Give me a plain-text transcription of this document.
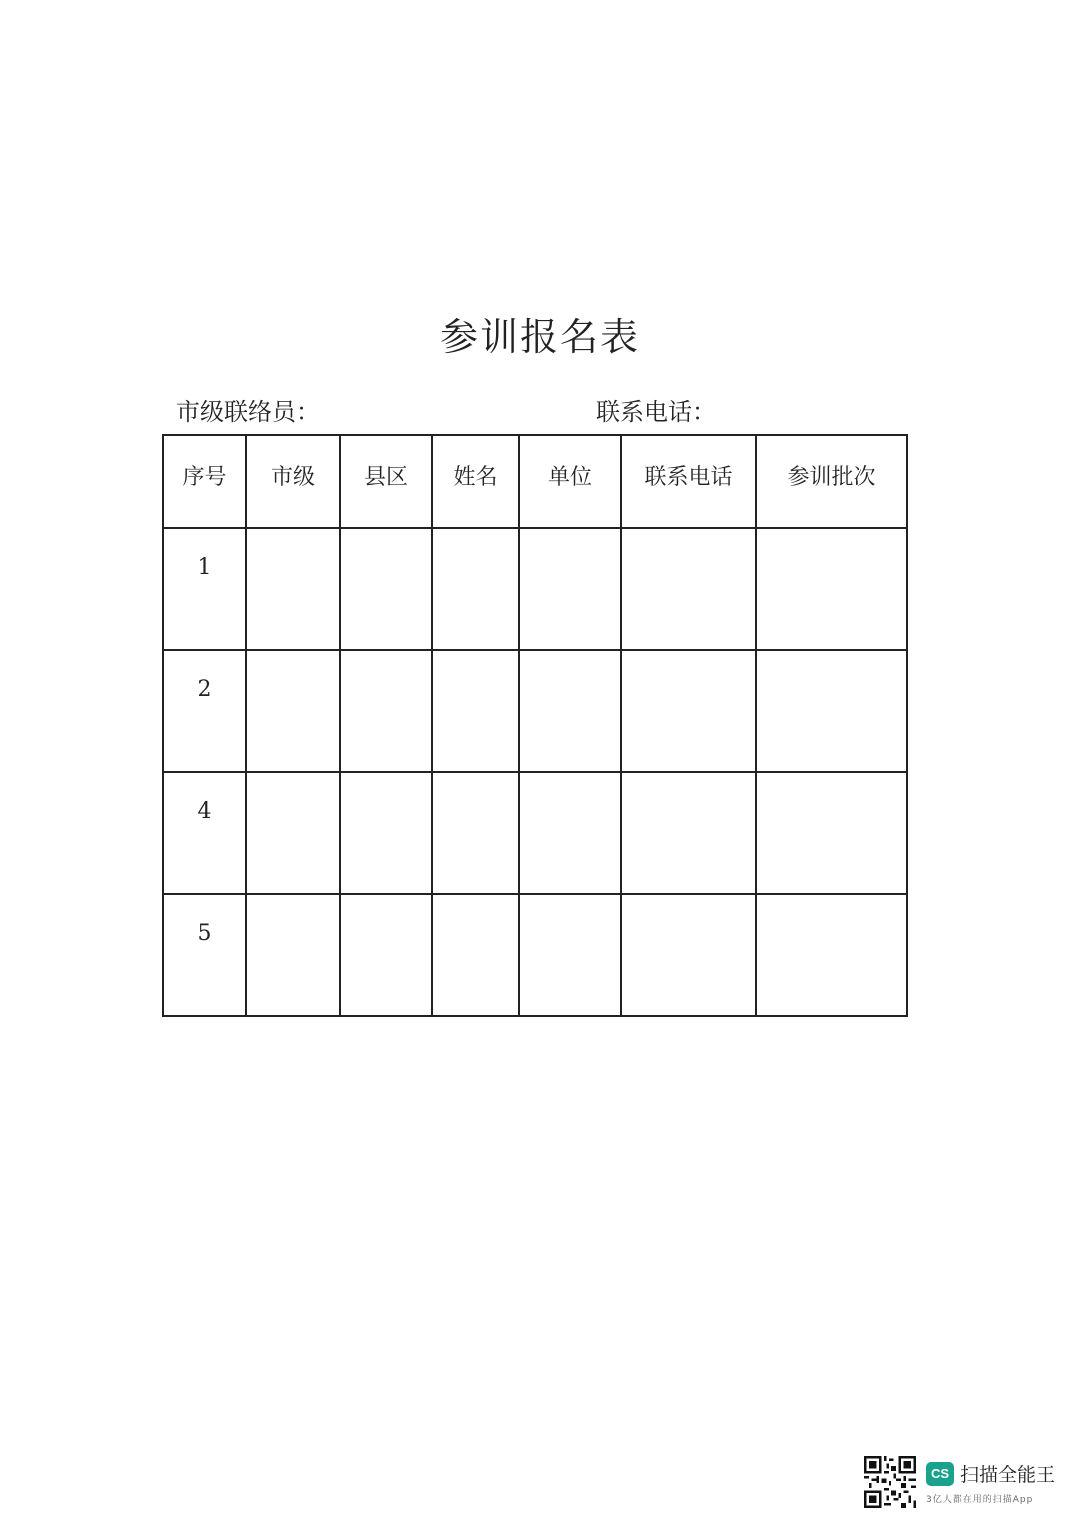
参训报名表
市级联络员：	联系电话：
序号	市级	县区	姓名	单位	联系电话	参训批次
1						
2						
4						
5						
CS 扫描全能王
3亿人都在用的扫描App
